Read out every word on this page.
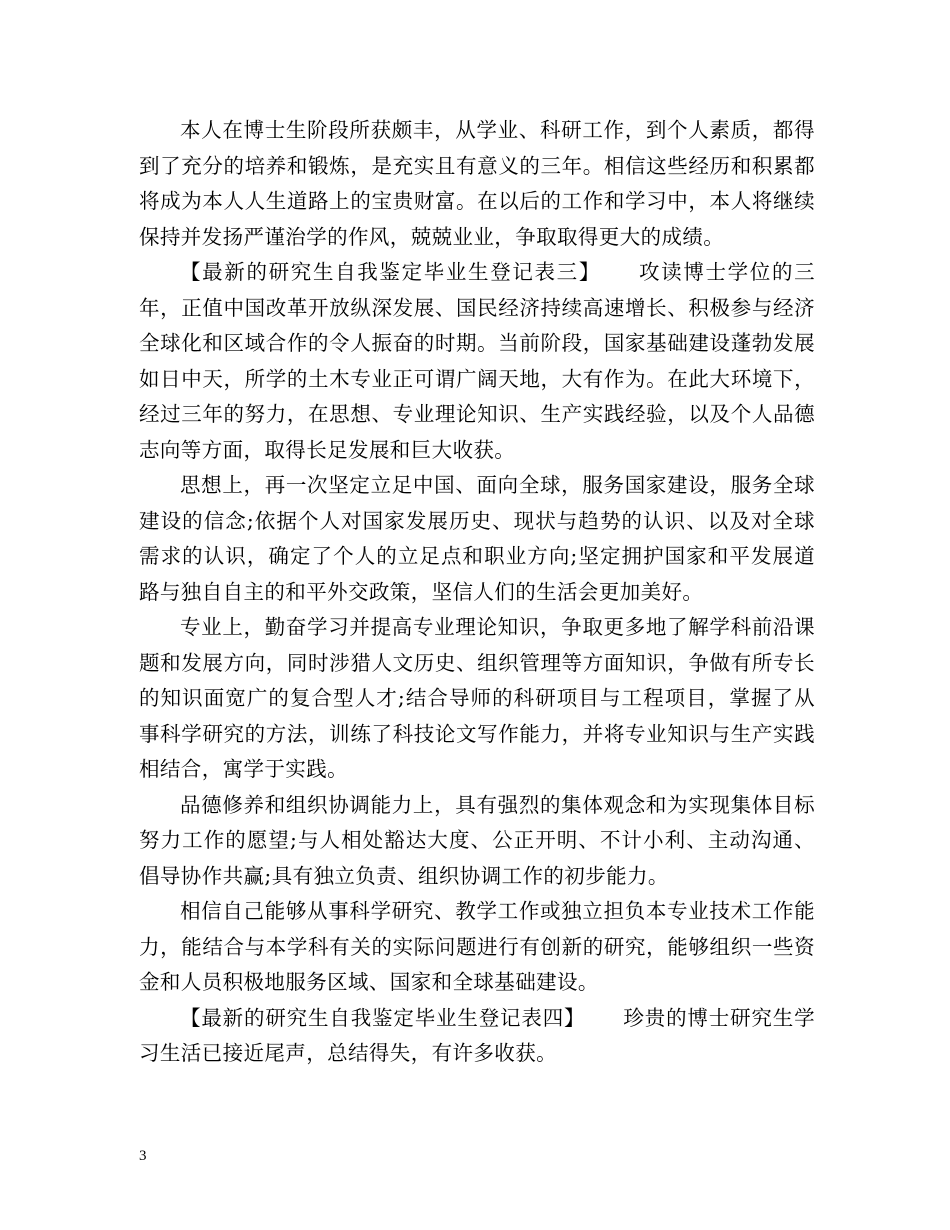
本人在博士生阶段所获颇丰，从学业、科研工作，到个人素质，都得到了充分的培养和锻炼，是充实且有意义的三年。相信这些经历和积累都将成为本人人生道路上的宝贵财富。在以后的工作和学习中，本人将继续保持并发扬严谨治学的作风，兢兢业业，争取取得更大的成绩。

【最新的研究生自我鉴定毕业生登记表三】 攻读博士学位的三年，正值中国改革开放纵深发展、国民经济持续高速增长、积极参与经济全球化和区域合作的令人振奋的时期。当前阶段，国家基础建设蓬勃发展如日中天，所学的土木专业正可谓广阔天地，大有作为。在此大环境下，经过三年的努力，在思想、专业理论知识、生产实践经验，以及个人品德志向等方面，取得长足发展和巨大收获。

思想上，再一次坚定立足中国、面向全球，服务国家建设，服务全球建设的信念;依据个人对国家发展历史、现状与趋势的认识、以及对全球需求的认识，确定了个人的立足点和职业方向;坚定拥护国家和平发展道路与独自自主的和平外交政策，坚信人们的生活会更加美好。

专业上，勤奋学习并提高专业理论知识，争取更多地了解学科前沿课题和发展方向，同时涉猎人文历史、组织管理等方面知识，争做有所专长的知识面宽广的复合型人才;结合导师的科研项目与工程项目，掌握了从事科学研究的方法，训练了科技论文写作能力，并将专业知识与生产实践相结合，寓学于实践。

品德修养和组织协调能力上，具有强烈的集体观念和为实现集体目标努力工作的愿望;与人相处豁达大度、公正开明、不计小利、主动沟通、倡导协作共赢;具有独立负责、组织协调工作的初步能力。

相信自己能够从事科学研究、教学工作或独立担负本专业技术工作能力，能结合与本学科有关的实际问题进行有创新的研究，能够组织一些资金和人员积极地服务区域、国家和全球基础建设。

【最新的研究生自我鉴定毕业生登记表四】 珍贵的博士研究生学习生活已接近尾声，总结得失，有许多收获。

3
